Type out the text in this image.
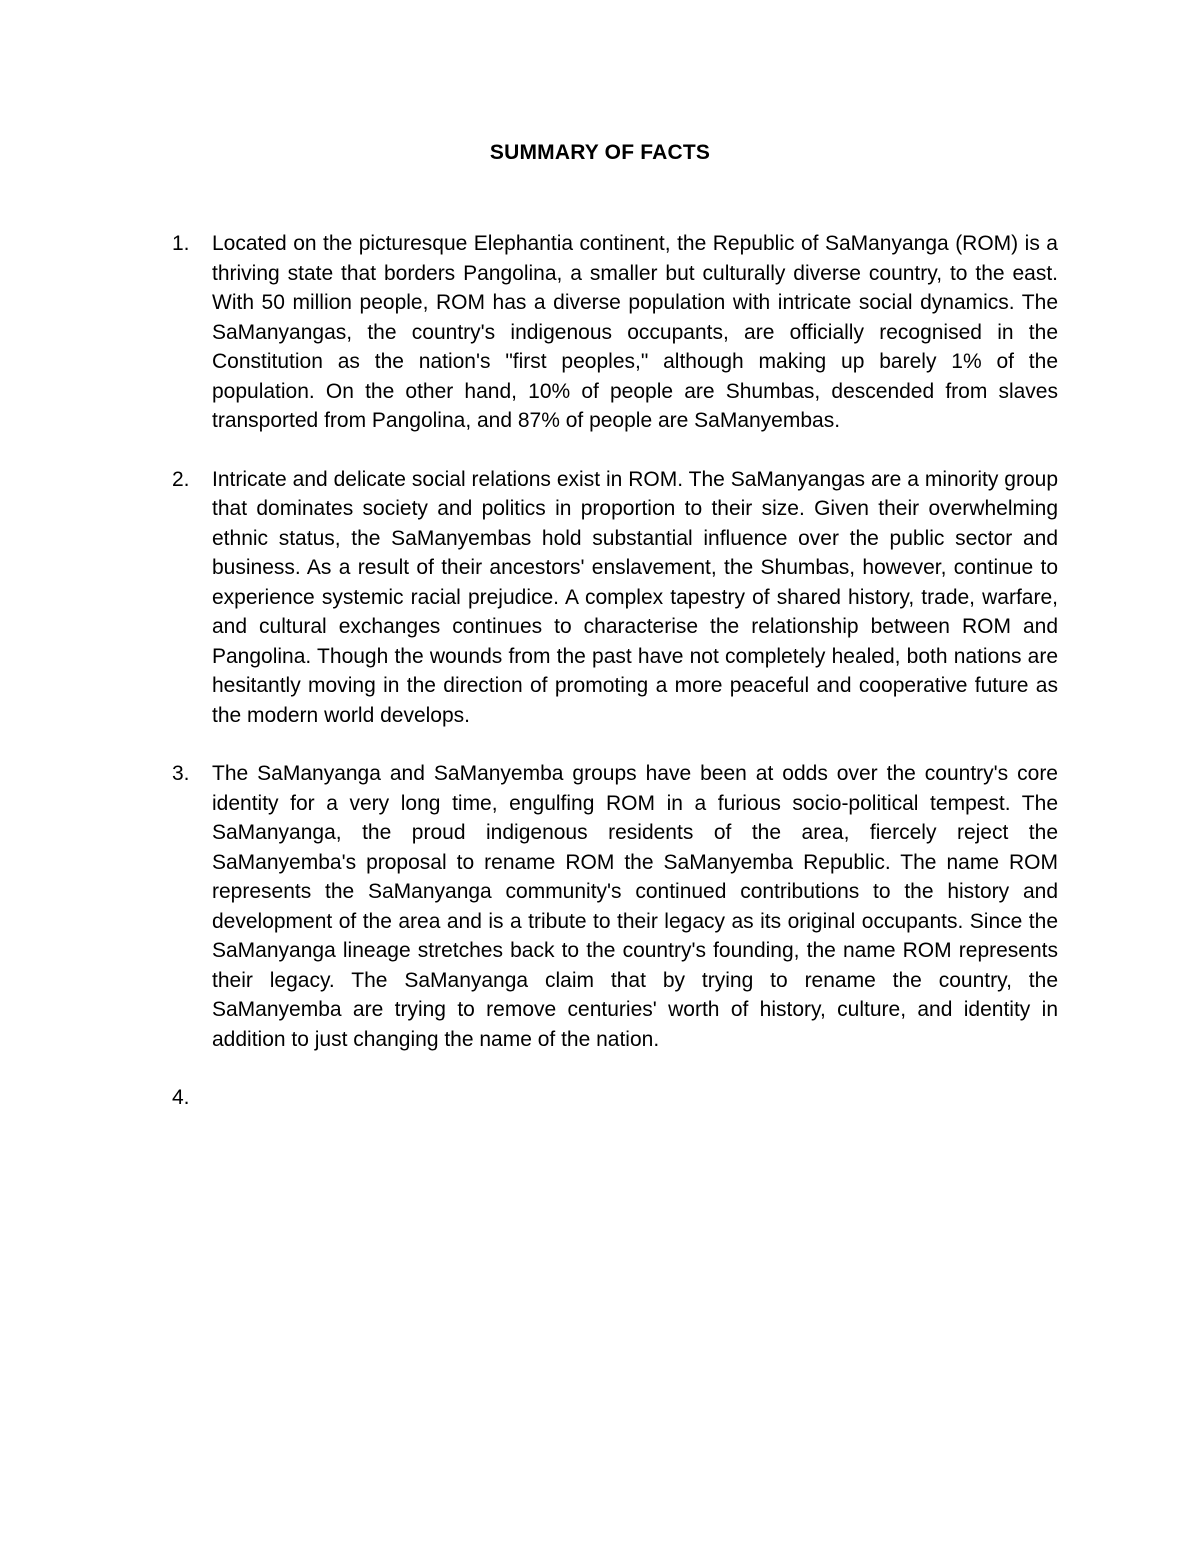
SUMMARY OF FACTS
1. Located on the picturesque Elephantia continent, the Republic of SaManyanga (ROM) is a thriving state that borders Pangolina, a smaller but culturally diverse country, to the east. With 50 million people, ROM has a diverse population with intricate social dynamics. The SaManyangas, the country's indigenous occupants, are officially recognised in the Constitution as the nation's "first peoples," although making up barely 1% of the population. On the other hand, 10% of people are Shumbas, descended from slaves transported from Pangolina, and 87% of people are SaManyembas.
2. Intricate and delicate social relations exist in ROM. The SaManyangas are a minority group that dominates society and politics in proportion to their size. Given their overwhelming ethnic status, the SaManyembas hold substantial influence over the public sector and business. As a result of their ancestors' enslavement, the Shumbas, however, continue to experience systemic racial prejudice. A complex tapestry of shared history, trade, warfare, and cultural exchanges continues to characterise the relationship between ROM and Pangolina. Though the wounds from the past have not completely healed, both nations are hesitantly moving in the direction of promoting a more peaceful and cooperative future as the modern world develops.
3. The SaManyanga and SaManyemba groups have been at odds over the country's core identity for a very long time, engulfing ROM in a furious socio-political tempest. The SaManyanga, the proud indigenous residents of the area, fiercely reject the SaManyemba's proposal to rename ROM the SaManyemba Republic. The name ROM represents the SaManyanga community's continued contributions to the history and development of the area and is a tribute to their legacy as its original occupants. Since the SaManyanga lineage stretches back to the country's founding, the name ROM represents their legacy. The SaManyanga claim that by trying to rename the country, the SaManyemba are trying to remove centuries' worth of history, culture, and identity in addition to just changing the name of the nation.
4.
